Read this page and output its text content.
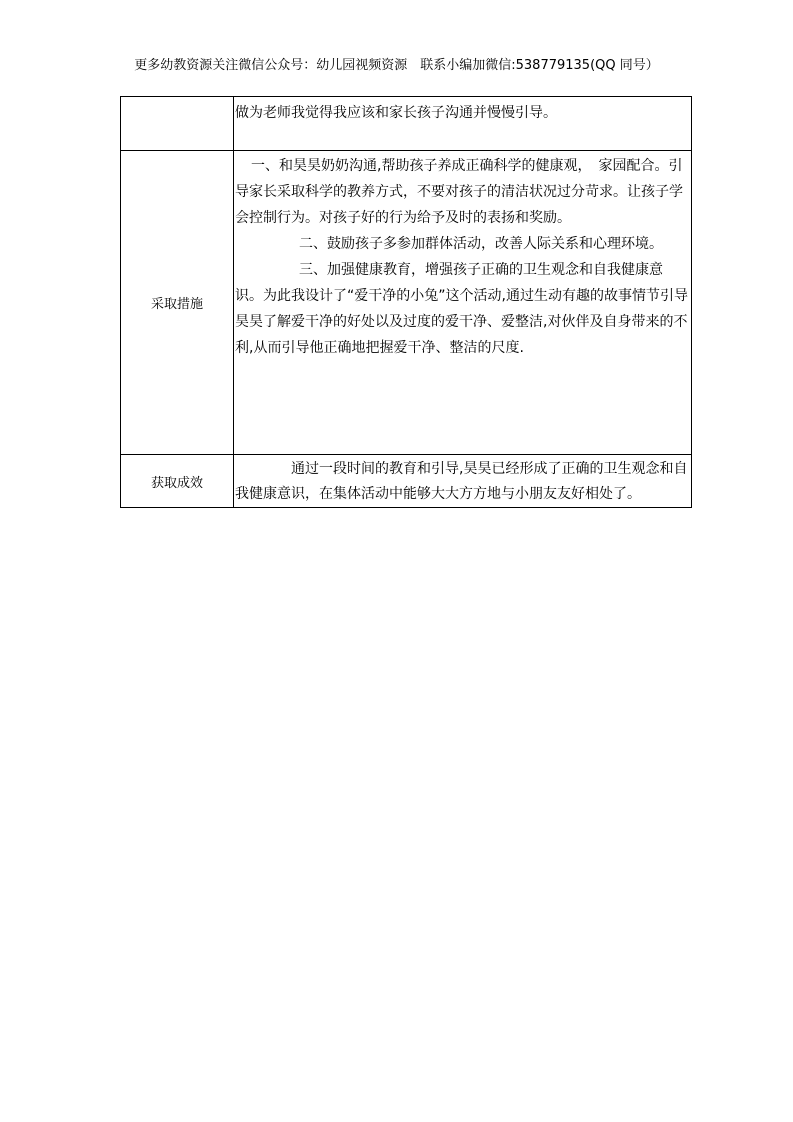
更多幼教资源关注微信公众号：幼儿园视频资源　联系小编加微信:538779135(QQ 同号）

	做为老师我觉得我应该和家长孩子沟通并慢慢引导。

采取措施	一、和昊昊奶奶沟通,帮助孩子养成正确科学的健康观，　家园配合。引导家长采取科学的教养方式，不要对孩子的清洁状况过分苛求。让孩子学会控制行为。对孩子好的行为给予及时的表扬和奖励。

二、鼓励孩子多参加群体活动，改善人际关系和心理环境。

三、加强健康教育，增强孩子正确的卫生观念和自我健康意识。为此我设计了“爱干净的小兔”这个活动,通过生动有趣的故事情节引导昊昊了解爱干净的好处以及过度的爱干净、爱整洁,对伙伴及自身带来的不利,从而引导他正确地把握爱干净、整洁的尺度.

获取成效	通过一段时间的教育和引导,昊昊已经形成了正确的卫生观念和自我健康意识，在集体活动中能够大大方方地与小朋友友好相处了。
